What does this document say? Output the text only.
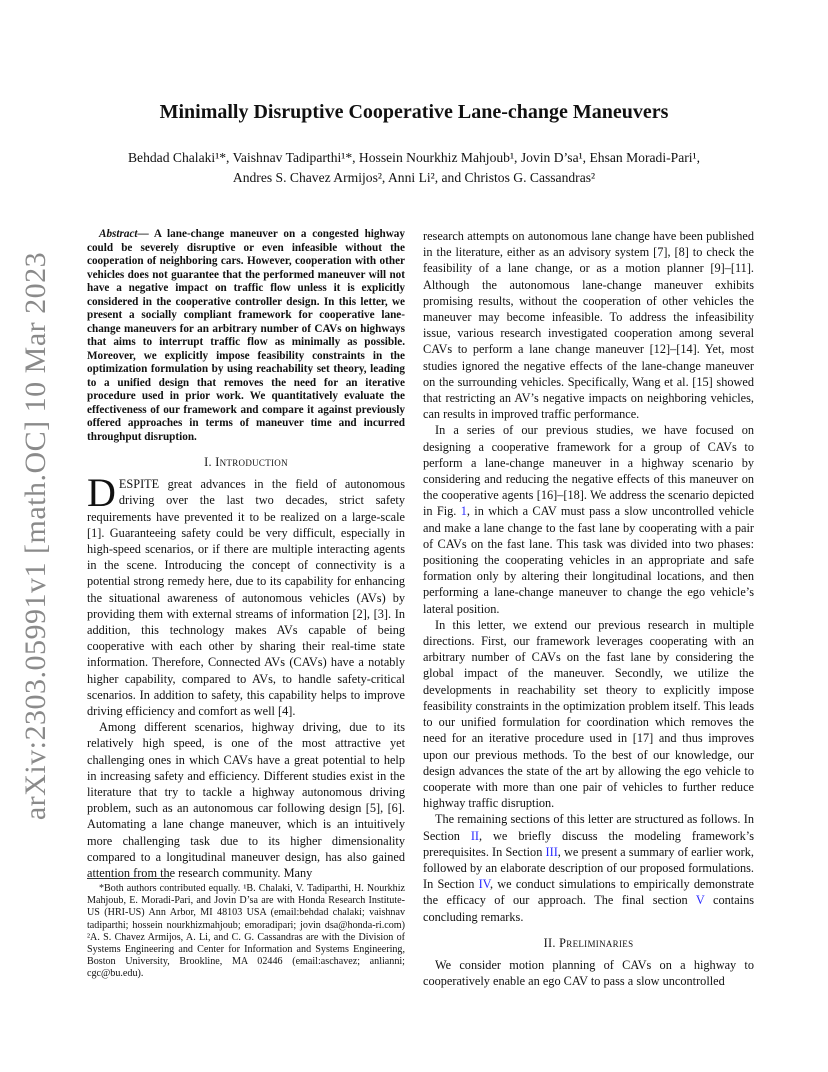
arXiv:2303.05991v1 [math.OC] 10 Mar 2023
Minimally Disruptive Cooperative Lane-change Maneuvers
Behdad Chalaki¹*, Vaishnav Tadiparthi¹*, Hossein Nourkhiz Mahjoub¹, Jovin D’sa¹, Ehsan Moradi-Pari¹,
Andres S. Chavez Armijos², Anni Li², and Christos G. Cassandras²

Abstract— A lane-change maneuver on a congested highway could be severely disruptive or even infeasible without the cooperation of neighboring cars. However, cooperation with other vehicles does not guarantee that the performed maneuver will not have a negative impact on traffic flow unless it is explicitly considered in the cooperative controller design. In this letter, we present a socially compliant framework for cooperative lane-change maneuvers for an arbitrary number of CAVs on highways that aims to interrupt traffic flow as minimally as possible. Moreover, we explicitly impose feasibility constraints in the optimization formulation by using reachability set theory, leading to a unified design that removes the need for an iterative procedure used in prior work. We quantitatively evaluate the effectiveness of our framework and compare it against previously offered approaches in terms of maneuver time and incurred throughput disruption.

I. Introduction

DESPITE great advances in the field of autonomous driving over the last two decades, strict safety requirements have prevented it to be realized on a large-scale [1]. Guaranteeing safety could be very difficult, especially in high-speed scenarios, or if there are multiple interacting agents in the scene. Introducing the concept of connectivity is a potential strong remedy here, due to its capability for enhancing the situational awareness of autonomous vehicles (AVs) by providing them with external streams of information [2], [3]. In addition, this technology makes AVs capable of being cooperative with each other by sharing their real-time state information. Therefore, Connected AVs (CAVs) have a notably higher capability, compared to AVs, to handle safety-critical scenarios. In addition to safety, this capability helps to improve driving efficiency and comfort as well [4].

Among different scenarios, highway driving, due to its relatively high speed, is one of the most attractive yet challenging ones in which CAVs have a great potential to help in increasing safety and efficiency. Different studies exist in the literature that try to tackle a highway autonomous driving problem, such as an autonomous car following design [5], [6]. Automating a lane change maneuver, which is an intuitively more challenging task due to its higher dimensionality compared to a longitudinal maneuver design, has also gained attention from the research community. Many

*Both authors contributed equally. ¹B. Chalaki, V. Tadiparthi, H. Nourkhiz Mahjoub, E. Moradi-Pari, and Jovin D’sa are with Honda Research Institute-US (HRI-US) Ann Arbor, MI 48103 USA (email:behdad chalaki; vaishnav tadiparthi; hossein nourkhizmahjoub; emoradipari; jovin dsa@honda-ri.com) ²A. S. Chavez Armijos, A. Li, and C. G. Cassandras are with the Division of Systems Engineering and Center for Information and Systems Engineering, Boston University, Brookline, MA 02446 (email:aschavez; anlianni; cgc@bu.edu).

research attempts on autonomous lane change have been published in the literature, either as an advisory system [7], [8] to check the feasibility of a lane change, or as a motion planner [9]–[11]. Although the autonomous lane-change maneuver exhibits promising results, without the cooperation of other vehicles the maneuver may become infeasible. To address the infeasibility issue, various research investigated cooperation among several CAVs to perform a lane change maneuver [12]–[14]. Yet, most studies ignored the negative effects of the lane-change maneuver on the surrounding vehicles. Specifically, Wang et al. [15] showed that restricting an AV’s negative impacts on neighboring vehicles, can results in improved traffic performance.

In a series of our previous studies, we have focused on designing a cooperative framework for a group of CAVs to perform a lane-change maneuver in a highway scenario by considering and reducing the negative effects of this maneuver on the cooperative agents [16]–[18]. We address the scenario depicted in Fig. 1, in which a CAV must pass a slow uncontrolled vehicle and make a lane change to the fast lane by cooperating with a pair of CAVs on the fast lane. This task was divided into two phases: positioning the cooperating vehicles in an appropriate and safe formation only by altering their longitudinal locations, and then performing a lane-change maneuver to change the ego vehicle’s lateral position.

In this letter, we extend our previous research in multiple directions. First, our framework leverages cooperating with an arbitrary number of CAVs on the fast lane by considering the global impact of the maneuver. Secondly, we utilize the developments in reachability set theory to explicitly impose feasibility constraints in the optimization problem itself. This leads to our unified formulation for coordination which removes the need for an iterative procedure used in [17] and thus improves upon our previous methods. To the best of our knowledge, our design advances the state of the art by allowing the ego vehicle to cooperate with more than one pair of vehicles to further reduce highway traffic disruption.

The remaining sections of this letter are structured as follows. In Section II, we briefly discuss the modeling framework’s prerequisites. In Section III, we present a summary of earlier work, followed by an elaborate description of our proposed formulations. In Section IV, we conduct simulations to empirically demonstrate the efficacy of our approach. The final section V contains concluding remarks.

II. Preliminaries

We consider motion planning of CAVs on a highway to cooperatively enable an ego CAV to pass a slow uncontrolled
